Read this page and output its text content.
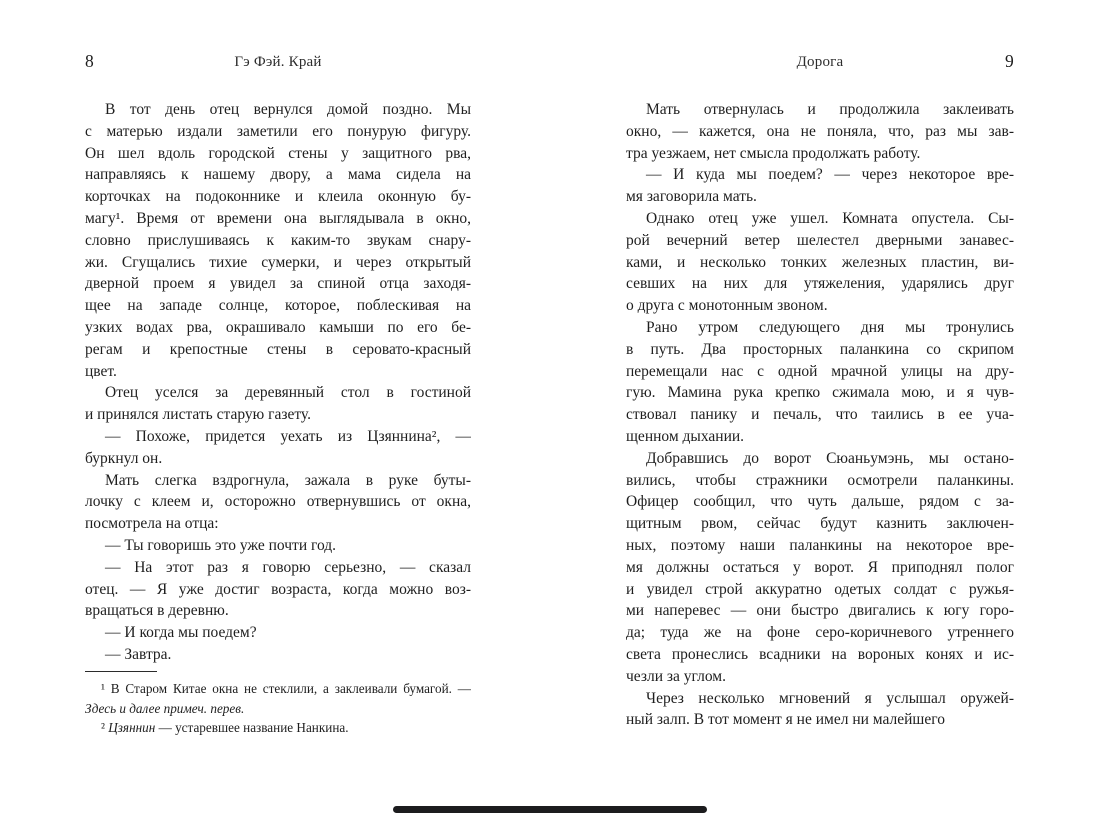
8	Гэ Фэй. Край
В тот день отец вернулся домой поздно. Мы
с матерью издали заметили его понурую фигуру.
Он шел вдоль городской стены у защитного рва,
направляясь к нашему двору, а мама сидела на
корточках на подоконнике и клеила оконную бу-
магу¹. Время от времени она выглядывала в окно,
словно прислушиваясь к каким-то звукам снару-
жи. Сгущались тихие сумерки, и через открытый
дверной проем я увидел за спиной отца заходя-
щее на западе солнце, которое, поблескивая на
узких водах рва, окрашивало камыши по его бе-
регам и крепостные стены в серовато-красный
цвет.
Отец уселся за деревянный стол в гостиной
и принялся листать старую газету.
— Похоже, придется уехать из Цзяннина², —
буркнул он.
Мать слегка вздрогнула, зажала в руке буты-
лочку с клеем и, осторожно отвернувшись от окна,
посмотрела на отца:
— Ты говоришь это уже почти год.
— На этот раз я говорю серьезно, — сказал
отец. — Я уже достиг возраста, когда можно воз-
вращаться в деревню.
— И когда мы поедем?
— Завтра.
¹ В Старом Китае окна не стеклили, а заклеивали бумагой. —
Здесь и далее примеч. перев.
² Цзяннин — устаревшее название Нанкина.
Дорога	9
Мать отвернулась и продолжила заклеивать
окно, — кажется, она не поняла, что, раз мы зав-
тра уезжаем, нет смысла продолжать работу.
— И куда мы поедем? — через некоторое вре-
мя заговорила мать.
Однако отец уже ушел. Комната опустела. Сы-
рой вечерний ветер шелестел дверными занавес-
ками, и несколько тонких железных пластин, ви-
севших на них для утяжеления, ударялись друг
о друга с монотонным звоном.
Рано утром следующего дня мы тронулись
в путь. Два просторных паланкина со скрипом
перемещали нас с одной мрачной улицы на дру-
гую. Мамина рука крепко сжимала мою, и я чув-
ствовал панику и печаль, что таились в ее уча-
щенном дыхании.
Добравшись до ворот Сюаньумэнь, мы остано-
вились, чтобы стражники осмотрели паланкины.
Офицер сообщил, что чуть дальше, рядом с за-
щитным рвом, сейчас будут казнить заключен-
ных, поэтому наши паланкины на некоторое вре-
мя должны остаться у ворот. Я приподнял полог
и увидел строй аккуратно одетых солдат с ружья-
ми наперевес — они быстро двигались к югу горо-
да; туда же на фоне серо-коричневого утреннего
света пронеслись всадники на вороных конях и ис-
чезли за углом.
Через несколько мгновений я услышал оружей-
ный залп. В тот момент я не имел ни малейшего
